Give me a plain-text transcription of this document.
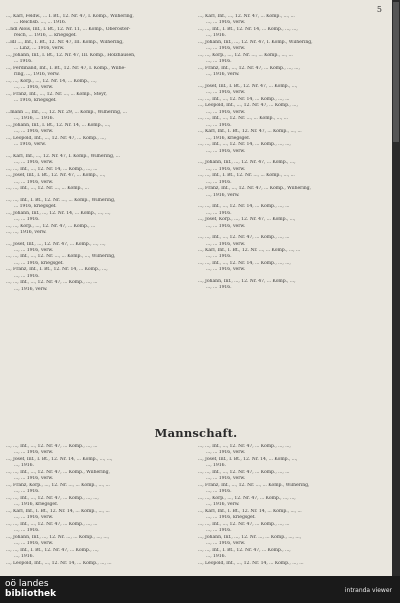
5
..., Karl, Feldw., ... I. Bt., 12. Nr. 47, I. Komp., Wilhering,
... Reichsb. ..., ... 1916.
...ndl Alois, Inf., I. Bt., 12. Nr. 11, ... Komp., Oberöster-
reich, ... 1916, ... kriegsgef.
...ldl ..., Inf., I. Bt., 12. Nr. 47, III. Komp., Wilhering,
... Linz, ... 1916, verw.
..., Johann, Inf., I. Bt., 12. Nr. 47, III. Komp., Holzhausen,
... 1916.
..., Ferdinand, Inf., I. Bt., 12. Nr. 47, I. Komp., Wilhe-
ring, ..., 1916, verw.
..., ..., Korp., ..., 12. Nr. 14, ... Komp., ...,
..., ... 1916, verw.
..., Franz, Inf., ..., 12. Nr. ..., ... Komp., Steyr,
... 1916, kriegsgef.
...mann ..., Inf., ..., 12. Nr. 29, ... Komp., Wilhering, ...
..., 1916, ... 1916.
..., Johann, Inf., I. Bt., 12. Nr. 14, ... Komp., ...,
..., ... 1916, verw.
..., Leopold, Inf., ..., 12. Nr. 47, ... Komp., ...,
... 1916, verw.
..., Karl, Inf., ..., 12. Nr. 47, I. Komp., Wilhering, ...
..., ... 1916, verw.
..., ..., Inf., ..., 12. Nr. 14, ... Komp., ..., ...
..., Josef, Inf., I. Bt., 12. Nr. 47, ... Komp., ...,
..., ... 1916, verw.
..., ..., Inf., ..., 12. Nr. ..., ... Komp., ...
..., ..., Inf., I. Bt., 12. Nr. ..., ... Komp., Wilhering,
... 1916, kriegsgef.
..., Johann, Inf., ..., 12. Nr. 14, ... Komp., ..., ...,
..., ... 1916.
..., ..., Korp., ..., 12. Nr. 47, ... Komp., ...
..., ..., 1916, verw.
..., Josef, Inf., ..., 12. Nr. 47, ... Komp., ..., ...,
..., ... 1916, verw.
..., ..., Inf., ..., 12. Nr. ..., ... Komp., ..., Wilhering,
..., ... 1916, kriegsgef.
..., Franz, Inf., I. Bt., 12. Nr. 14, ... Komp., ...,
..., ... 1916.
..., ..., Inf., ..., 12. Nr. 47, ... Komp., ..., ...
..., 1916, verw.
..., Karl, Inf., ..., 12. Nr. 47, ... Komp., ..., ...
..., ... 1916, verw.
..., ..., Inf., I. Bt., 12. Nr. 14, ... Komp., ..., ...,
..., 1916.
..., Johann, Inf., ..., 12. Nr. 47, I. Komp., Wilhering,
..., ... 1916, verw.
..., ..., Korp., ..., 12. Nr. ..., ... Komp., ..., ...
..., ... 1916.
..., Franz, Inf., ..., 12. Nr. 47, ... Komp., ..., ...,
..., 1916, verw.
..., Josef, Inf., I. Bt., 12. Nr. 47, ... Komp., ...,
..., ... 1916, verw.
..., ..., Inf., ..., 12. Nr. 14, ... Komp., ..., ...
..., Leopold, Inf., ..., 12. Nr. 47, ... Komp., ...,
..., ... 1916, verw.
..., ..., Inf., ..., 12. Nr. ..., ... Komp., ..., ...
..., ... 1916.
..., Karl, Inf., I. Bt., 12. Nr. 47, ... Komp., ..., ...
..., 1916, kriegsgef.
..., ..., Inf., ..., 12. Nr. 14, ... Komp., ..., ...,
..., ... 1916, verw.
..., Johann, Inf., ..., 12. Nr. 47, ... Komp., ...,
..., ... 1916, verw.
..., ..., Inf., I. Bt., 12. Nr. ..., ... Komp., ..., ...
..., ... 1916.
..., Franz, Inf., ..., 12. Nr. 47, ... Komp., Wilhering,
..., 1916, verw.
..., ..., Inf., ..., 12. Nr. 14, ... Komp., ..., ...
..., ... 1916.
..., Josef, Korp., ..., 12. Nr. 47, ... Komp., ...,
..., ... 1916, verw.
..., ..., Inf., ..., 12. Nr. 47, ... Komp., ..., ...
..., ... 1916, verw.
..., Karl, Inf., I. Bt., 12. Nr. ..., ... Komp., ..., ...
..., ... 1916.
..., ..., Inf., ..., 12. Nr. 14, ... Komp., ..., ...,
..., ... 1916, verw.
..., Johann, Inf., ..., 12. Nr. 47, ... Komp., ...,
..., ... 1916.
Mannschaft.
..., ..., Inf., ..., 12. Nr. 47, ... Komp., ..., ...
..., ... 1916, verw.
..., Josef, Inf., I. Bt., 12. Nr. 14, ... Komp., ..., ...,
..., 1916.
..., ..., Inf., ..., 12. Nr. 47, ... Komp., Wilhering,
..., ... 1916, verw.
..., Franz, Korp., ..., 12. Nr. ..., ... Komp., ..., ...
..., ... 1916.
..., ..., Inf., ..., 12. Nr. 47, ... Komp., ..., ...,
..., 1916, kriegsgef.
..., Karl, Inf., I. Bt., 12. Nr. 14, ... Komp., ..., ...
..., ... 1916, verw.
..., ..., Inf., ..., 12. Nr. 47, ... Komp., ..., ...
..., ... 1916.
..., Johann, Inf., ..., 12. Nr. ..., ... Komp., ..., ...,
..., ... 1916, verw.
..., ..., Inf., I. Bt., 12. Nr. 47, ... Komp., ...,
..., 1916.
..., Leopold, Inf., ..., 12. Nr. 14, ... Komp., ..., ...
..., ..., Inf., ..., 12. Nr. 47, ... Komp., ..., ...,
..., ... 1916, verw.
..., Josef, Inf., I. Bt., 12. Nr. 14, ... Komp., ...,
..., 1916.
..., ..., Inf., ..., 12. Nr. 47, ... Komp., ..., ...
..., ... 1916, verw.
..., Franz, Inf., ..., 12. Nr. ..., ... Komp., Wilhering,
..., ... 1916.
..., ..., Korp., ..., 12. Nr. 47, ... Komp., ..., ...,
..., 1916, verw.
..., Karl, Inf., I. Bt., 12. Nr. 14, ... Komp., ..., ...
..., ... 1916, kriegsgef.
..., ..., Inf., ..., 12. Nr. 47, ... Komp., ..., ...
..., ... 1916.
..., Johann, Inf., ..., 12. Nr. ..., ... Komp., ..., ...,
..., ... 1916, verw.
..., ..., Inf., I. Bt., 12. Nr. 47, ... Komp., ...,
..., 1916.
..., Leopold, Inf., ..., 12. Nr. 14, ... Komp., ..., ...
oö landes
bibliothek	intranda viewer
